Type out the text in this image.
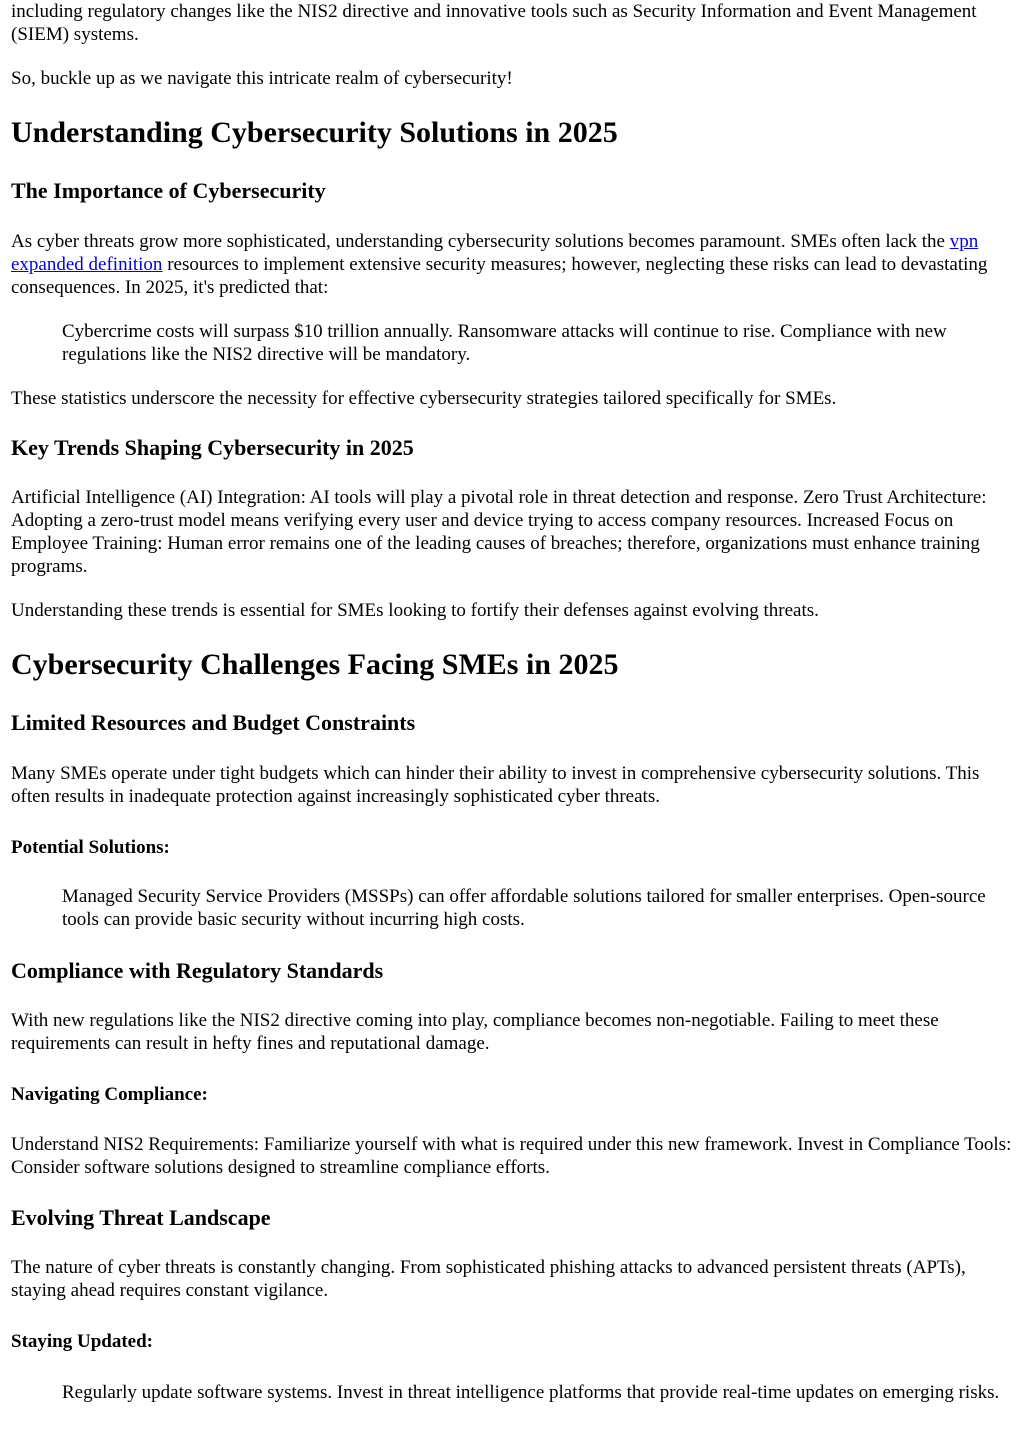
including regulatory changes like the NIS2 directive and innovative tools such as Security Information and Event Management (SIEM) systems.

So, buckle up as we navigate this intricate realm of cybersecurity!

Understanding Cybersecurity Solutions in 2025
The Importance of Cybersecurity

As cyber threats grow more sophisticated, understanding cybersecurity solutions becomes paramount. SMEs often lack the vpn expanded definition resources to implement extensive security measures; however, neglecting these risks can lead to devastating consequences. In 2025, it's predicted that:

Cybercrime costs will surpass $10 trillion annually. Ransomware attacks will continue to rise. Compliance with new regulations like the NIS2 directive will be mandatory.

These statistics underscore the necessity for effective cybersecurity strategies tailored specifically for SMEs.

Key Trends Shaping Cybersecurity in 2025

Artificial Intelligence (AI) Integration: AI tools will play a pivotal role in threat detection and response. Zero Trust Architecture: Adopting a zero-trust model means verifying every user and device trying to access company resources. Increased Focus on Employee Training: Human error remains one of the leading causes of breaches; therefore, organizations must enhance training programs.

Understanding these trends is essential for SMEs looking to fortify their defenses against evolving threats.

Cybersecurity Challenges Facing SMEs in 2025
Limited Resources and Budget Constraints

Many SMEs operate under tight budgets which can hinder their ability to invest in comprehensive cybersecurity solutions. This often results in inadequate protection against increasingly sophisticated cyber threats.

Potential Solutions:
Managed Security Service Providers (MSSPs) can offer affordable solutions tailored for smaller enterprises. Open-source tools can provide basic security without incurring high costs.
Compliance with Regulatory Standards

With new regulations like the NIS2 directive coming into play, compliance becomes non-negotiable. Failing to meet these requirements can result in hefty fines and reputational damage.

Navigating Compliance:

Understand NIS2 Requirements: Familiarize yourself with what is required under this new framework. Invest in Compliance Tools: Consider software solutions designed to streamline compliance efforts.

Evolving Threat Landscape

The nature of cyber threats is constantly changing. From sophisticated phishing attacks to advanced persistent threats (APTs), staying ahead requires constant vigilance.

Staying Updated:
Regularly update software systems. Invest in threat intelligence platforms that provide real-time updates on emerging risks.
